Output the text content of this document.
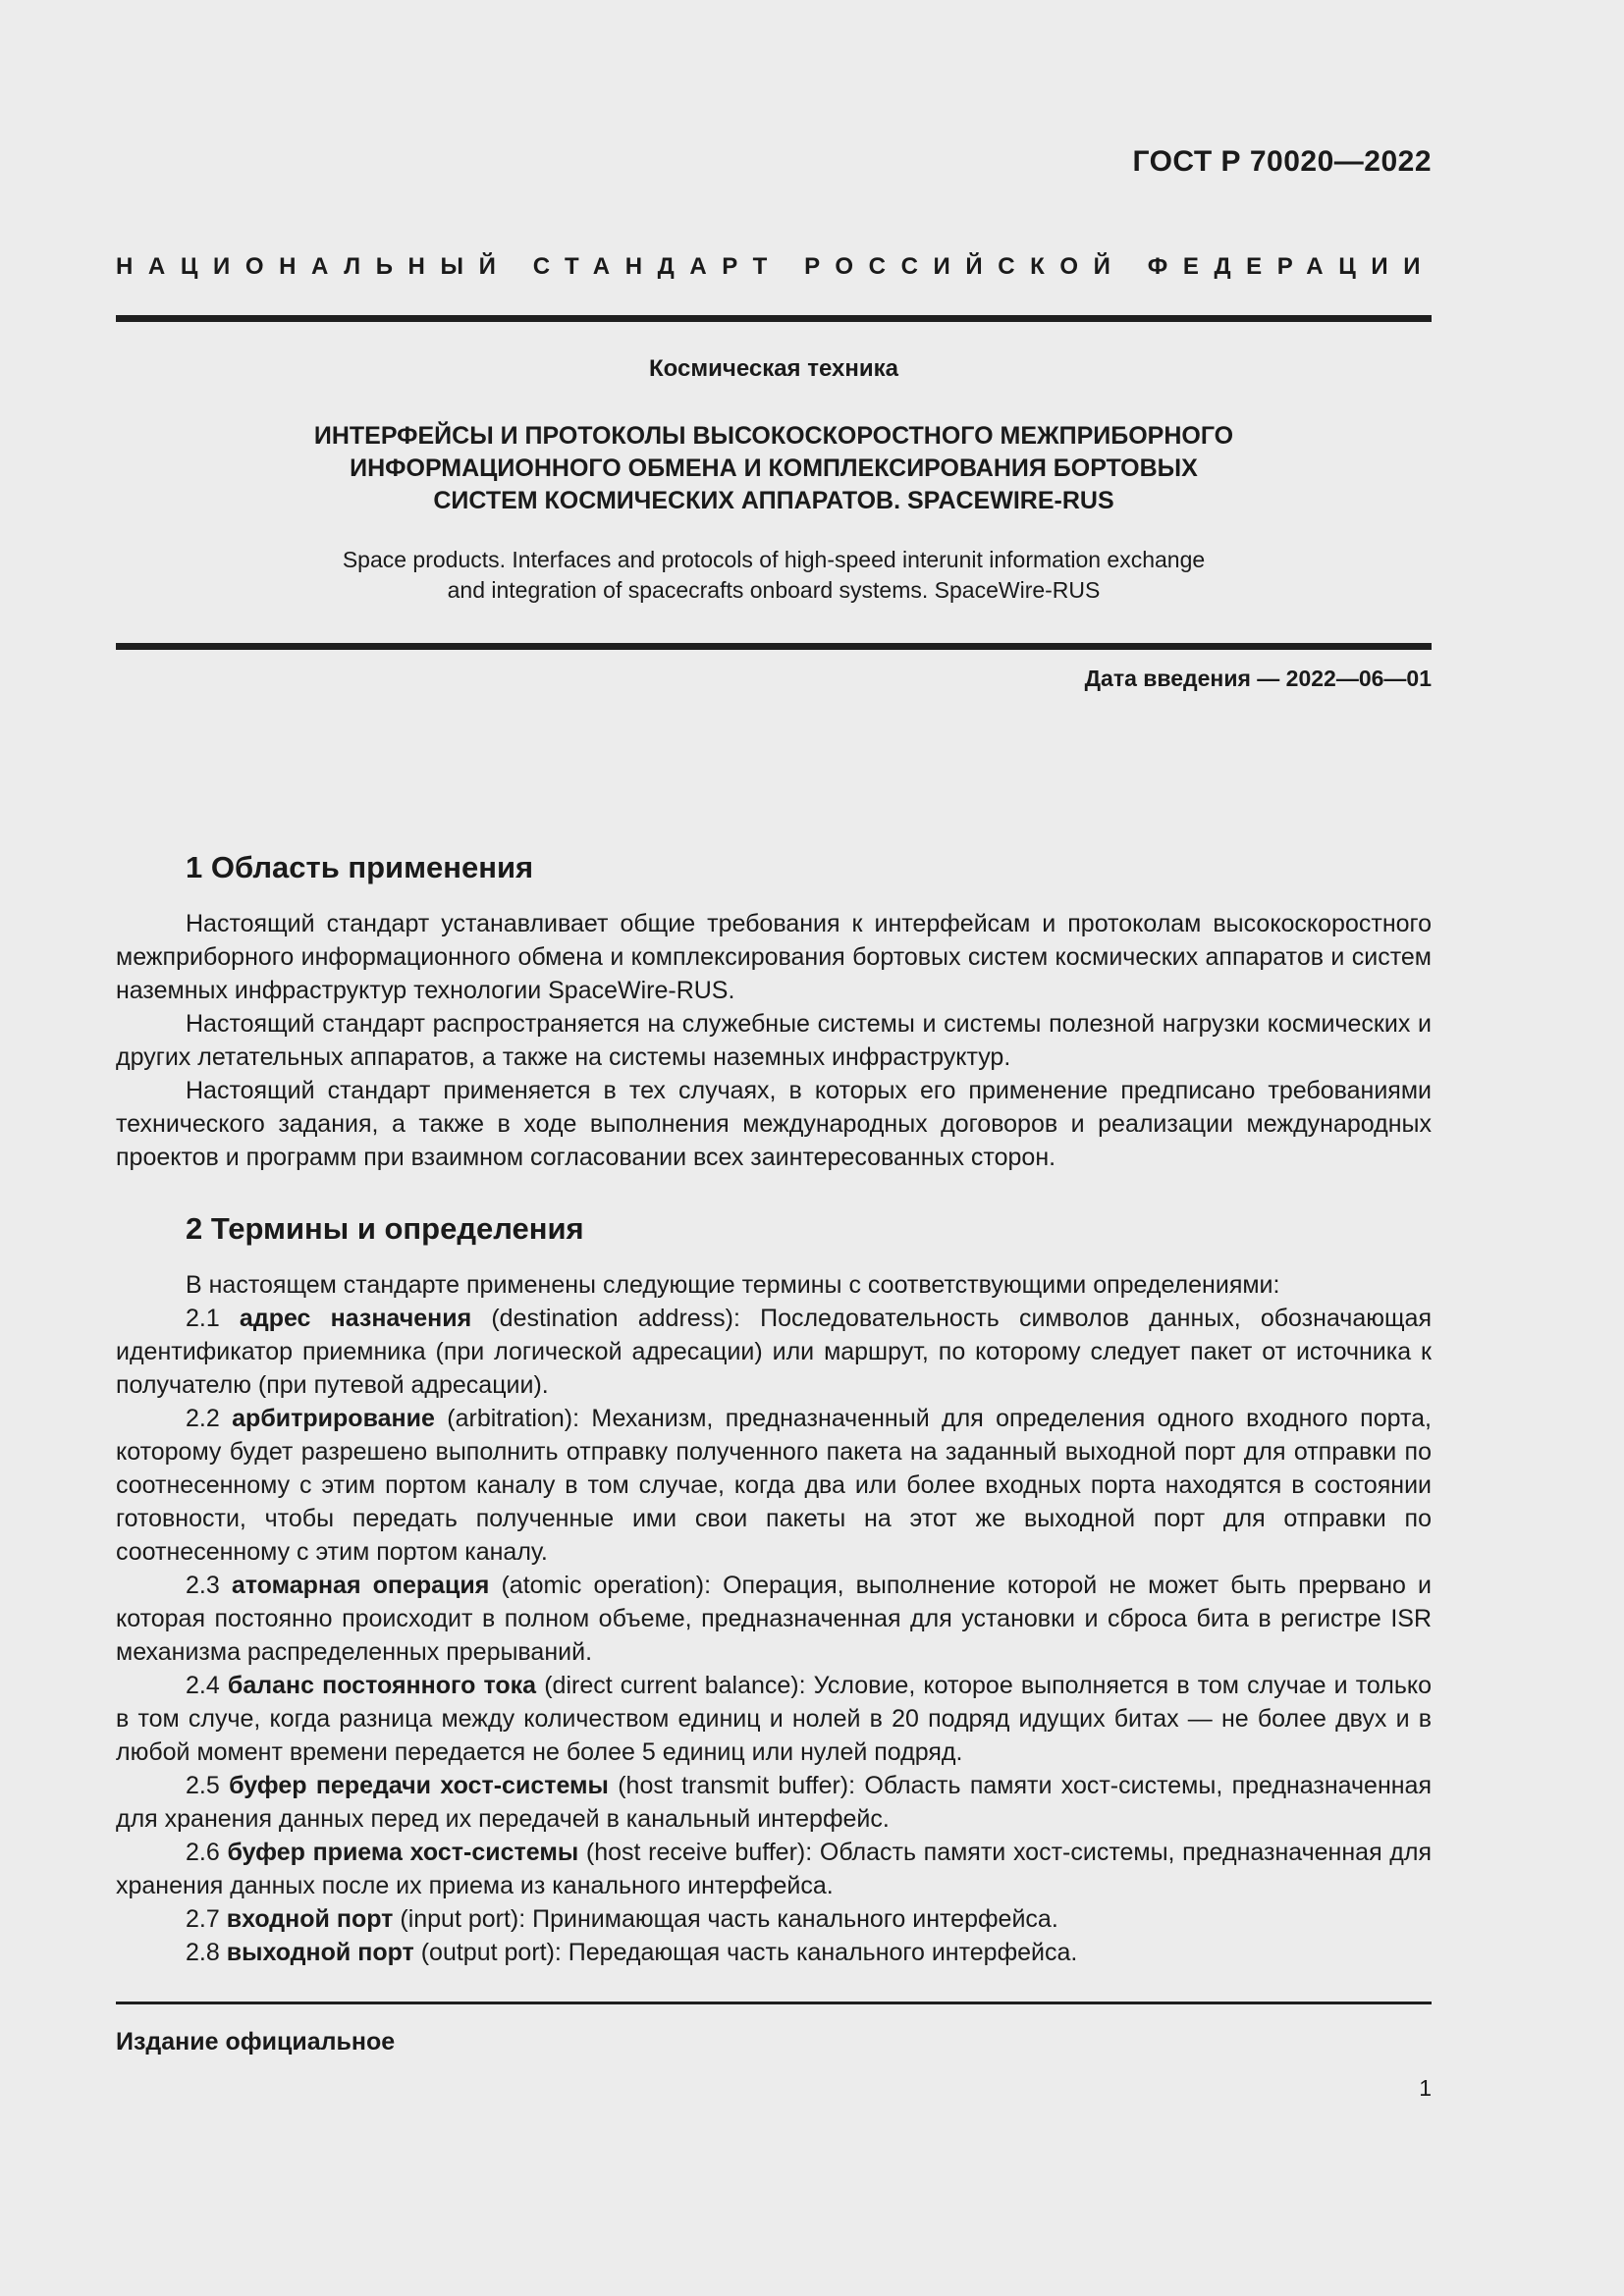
ГОСТ Р 70020—2022
НАЦИОНАЛЬНЫЙ СТАНДАРТ РОССИЙСКОЙ ФЕДЕРАЦИИ
Космическая техника
ИНТЕРФЕЙСЫ И ПРОТОКОЛЫ ВЫСОКОСКОРОСТНОГО МЕЖПРИБОРНОГО
ИНФОРМАЦИОННОГО ОБМЕНА И КОМПЛЕКСИРОВАНИЯ БОРТОВЫХ
СИСТЕМ КОСМИЧЕСКИХ АППАРАТОВ. SPACEWIRE-RUS
Space products. Interfaces and protocols of high-speed interunit information exchange
and integration of spacecrafts onboard systems. SpaceWire-RUS
Дата введения — 2022—06—01
1 Область применения

Настоящий стандарт устанавливает общие требования к интерфейсам и протоколам высокоскоростного межприборного информационного обмена и комплексирования бортовых систем космических аппаратов и систем наземных инфраструктур технологии SpaceWire-RUS.

Настоящий стандарт распространяется на служебные системы и системы полезной нагрузки космических и других летательных аппаратов, а также на системы наземных инфраструктур.

Настоящий стандарт применяется в тех случаях, в которых его применение предписано требованиями технического задания, а также в ходе выполнения международных договоров и реализации международных проектов и программ при взаимном согласовании всех заинтересованных сторон.

2 Термины и определения

В настоящем стандарте применены следующие термины с соответствующими определениями:

2.1 адрес назначения (destination address): Последовательность символов данных, обозначающая идентификатор приемника (при логической адресации) или маршрут, по которому следует пакет от источника к получателю (при путевой адресации).

2.2 арбитрирование (arbitration): Механизм, предназначенный для определения одного входного порта, которому будет разрешено выполнить отправку полученного пакета на заданный выходной порт для отправки по соотнесенному с этим портом каналу в том случае, когда два или более входных порта находятся в состоянии готовности, чтобы передать полученные ими свои пакеты на этот же выходной порт для отправки по соотнесенному с этим портом каналу.

2.3 атомарная операция (atomic operation): Операция, выполнение которой не может быть прервано и которая постоянно происходит в полном объеме, предназначенная для установки и сброса бита в регистре ISR механизма распределенных прерываний.

2.4 баланс постоянного тока (direct current balance): Условие, которое выполняется в том случае и только в том случе, когда разница между количеством единиц и нолей в 20 подряд идущих битах — не более двух и в любой момент времени передается не более 5 единиц или нулей подряд.

2.5 буфер передачи хост-системы (host transmit buffer): Область памяти хост-системы, предназначенная для хранения данных перед их передачей в канальный интерфейс.

2.6 буфер приема хост-системы (host receive buffer): Область памяти хост-системы, предназначенная для хранения данных после их приема из канального интерфейса.

2.7 входной порт (input port): Принимающая часть канального интерфейса.

2.8 выходной порт (output port): Передающая часть канального интерфейса.

Издание официальное
1
